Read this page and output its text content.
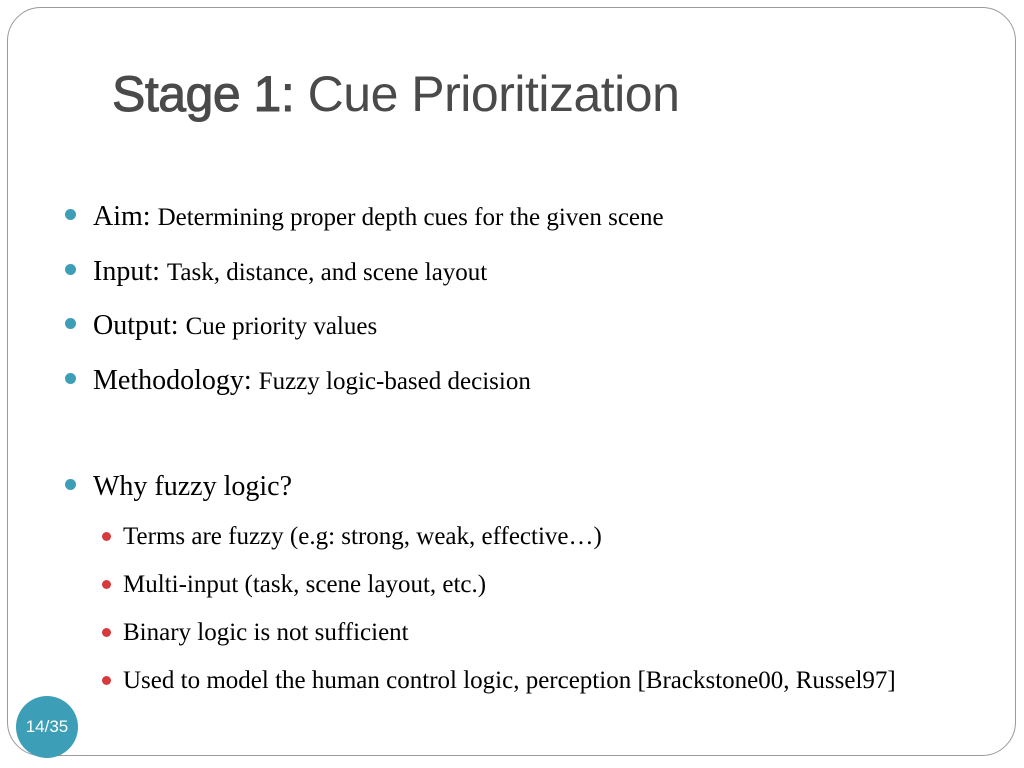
Stage 1: Cue Prioritization
Aim: Determining proper depth cues for the given scene
Input: Task, distance, and scene layout
Output: Cue priority values
Methodology: Fuzzy logic-based decision
Why fuzzy logic?
Terms are fuzzy (e.g: strong, weak, effective…)
Multi-input (task, scene layout, etc.)
Binary logic is not sufficient
Used to model the human control logic, perception [Brackstone00, Russel97]
14/35
